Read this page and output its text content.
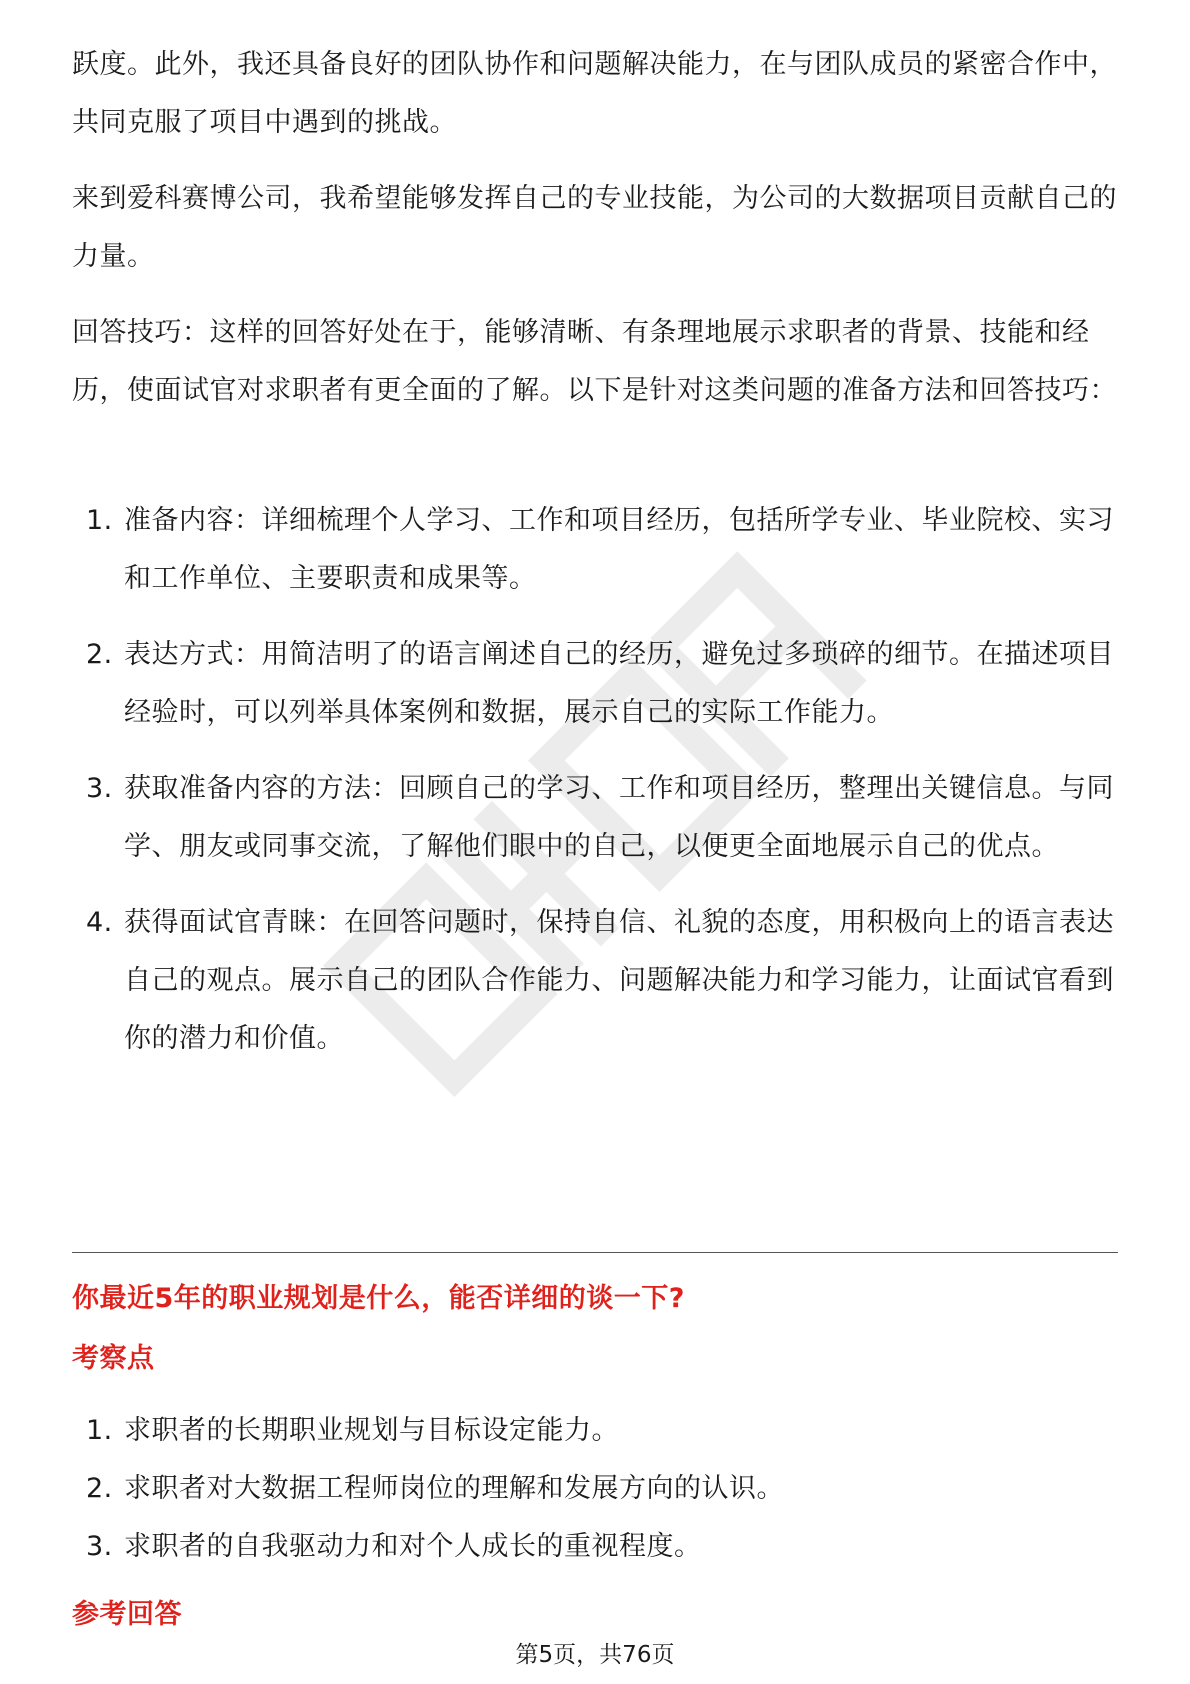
跃度。此外，我还具备良好的团队协作和问题解决能力，在与团队成员的紧密合作中，共同克服了项目中遇到的挑战。

来到爱科赛博公司，我希望能够发挥自己的专业技能，为公司的大数据项目贡献自己的力量。

回答技巧：这样的回答好处在于，能够清晰、有条理地展示求职者的背景、技能和经历，使面试官对求职者有更全面的了解。以下是针对这类问题的准备方法和回答技巧：

1. 准备内容：详细梳理个人学习、工作和项目经历，包括所学专业、毕业院校、实习和工作单位、主要职责和成果等。
2. 表达方式：用简洁明了的语言阐述自己的经历，避免过多琐碎的细节。在描述项目经验时，可以列举具体案例和数据，展示自己的实际工作能力。
3. 获取准备内容的方法：回顾自己的学习、工作和项目经历，整理出关键信息。与同学、朋友或同事交流，了解他们眼中的自己，以便更全面地展示自己的优点。
4. 获得面试官青睐：在回答问题时，保持自信、礼貌的态度，用积极向上的语言表达自己的观点。展示自己的团队合作能力、问题解决能力和学习能力，让面试官看到你的潜力和价值。
你最近5年的职业规划是什么，能否详细的谈一下?
考察点
1. 求职者的长期职业规划与目标设定能力。
2. 求职者对大数据工程师岗位的理解和发展方向的认识。
3. 求职者的自我驱动力和对个人成长的重视程度。
参考回答
第5页，共76页
